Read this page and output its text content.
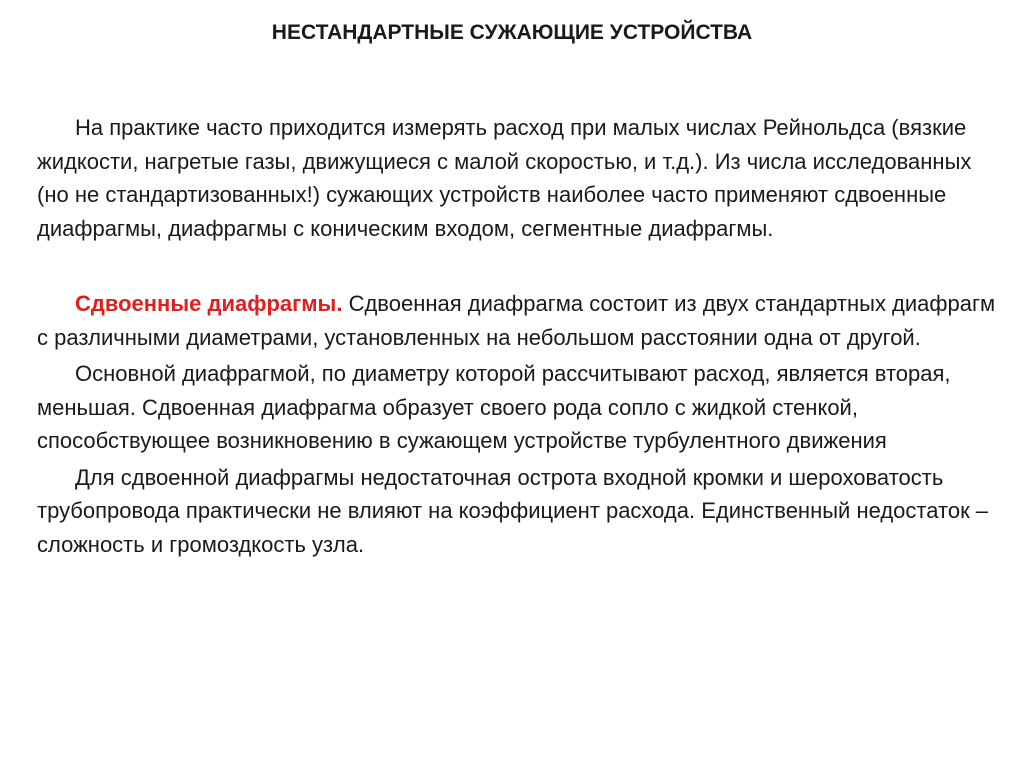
НЕСТАНДАРТНЫЕ СУЖАЮЩИЕ УСТРОЙСТВА

На практике часто приходится измерять расход при малых числах Рейнольдса (вязкие жидкости, нагретые газы, движущиеся с малой скоростью, и т.д.). Из числа исследованных (но не стандартизованных!) сужающих устройств наиболее часто применяют сдвоенные диафрагмы, диафрагмы с коническим входом, сегментные диафрагмы.

Сдвоенные диафрагмы. Сдвоенная диафрагма состоит из двух стандартных диафрагм с различными диаметрами, установленных на небольшом расстоянии одна от другой.

Основной диафрагмой, по диаметру которой рассчитывают расход, является вторая, меньшая. Сдвоенная диафрагма образует своего рода сопло с жидкой стенкой, способствующее возникновению в сужающем устройстве турбулентного движения

Для сдвоенной диафрагмы недостаточная острота входной кромки и шероховатость трубопровода практически не влияют на коэффициент расхода. Единственный недостаток – сложность и громоздкость узла.
